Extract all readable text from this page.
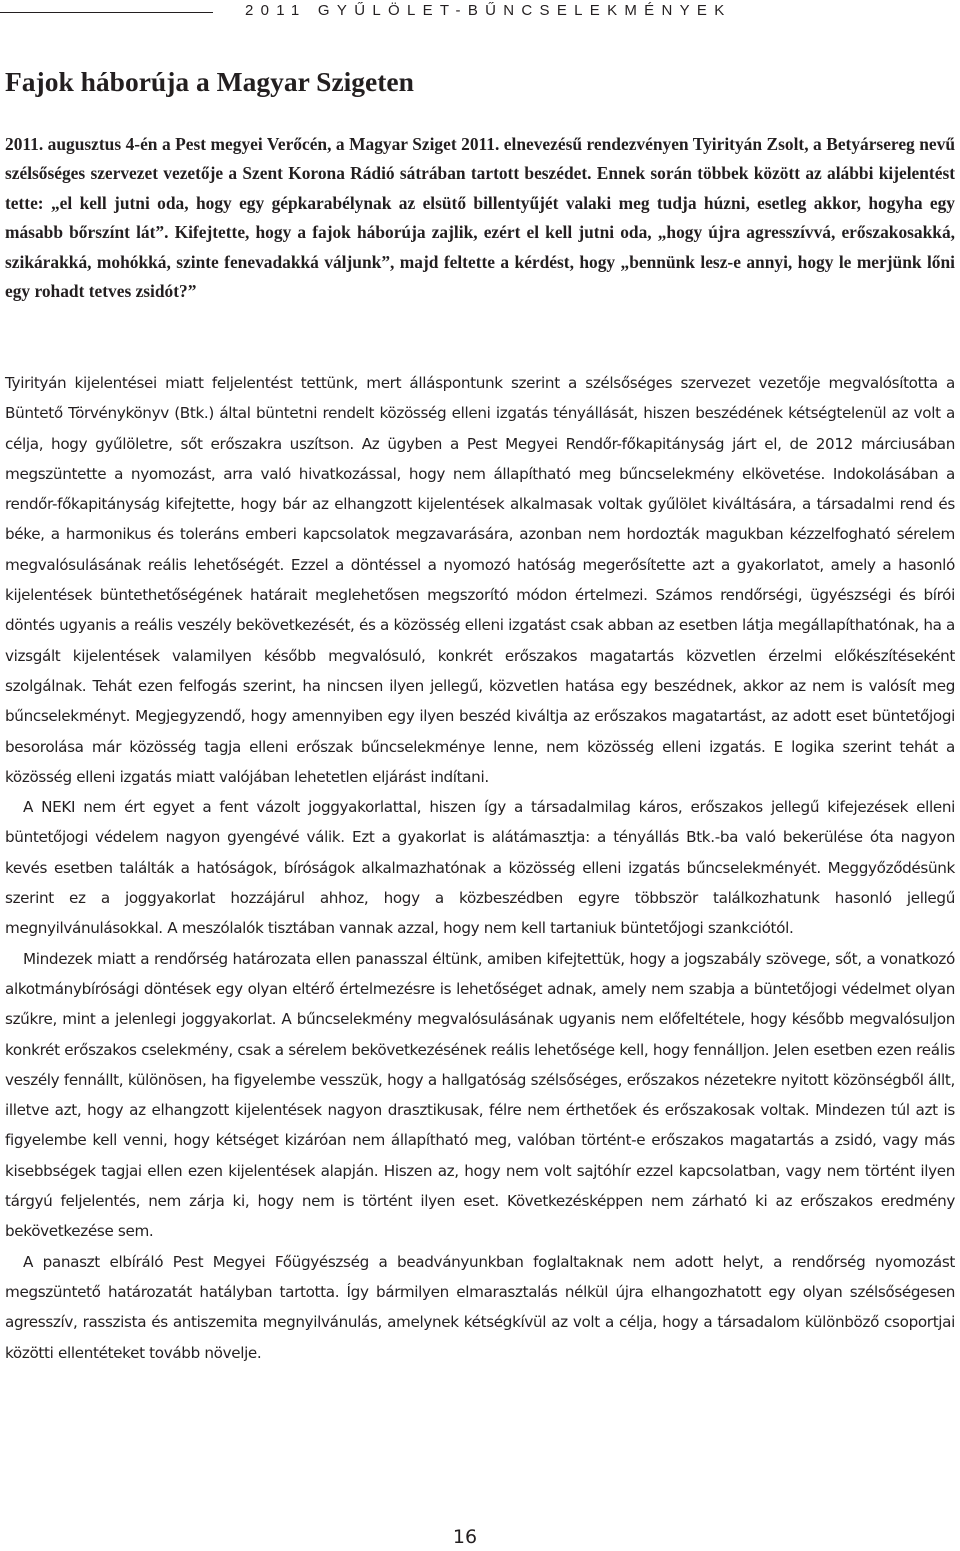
2011 GYŰLÖLET-BŰNCSELEKMÉNYEK
Fajok háborúja a Magyar Szigeten

2011. augusztus 4-én a Pest megyei Verőcén, a Magyar Sziget 2011. elnevezésű rendezvényen Tyirityán Zsolt, a Betyársereg nevű szélsőséges szervezet vezetője a Szent Korona Rádió sátrában tartott beszédet. Ennek során többek között az alábbi kijelentést tette: „el kell jutni oda, hogy egy gépkarabélynak az elsütő billentyűjét valaki meg tudja húzni, esetleg akkor, hogyha egy másabb bőrszínt lát”. Kifejtette, hogy a fajok háborúja zajlik, ezért el kell jutni oda, „hogy újra agresszívvá, erőszakosakká, szikárakká, mohókká, szinte fenevadakká váljunk”, majd feltette a kérdést, hogy „bennünk lesz-e annyi, hogy le merjünk lőni egy rohadt tetves zsidót?”

Tyirityán kijelentései miatt feljelentést tettünk, mert álláspontunk szerint a szélsőséges szervezet vezetője megvalósította a Büntető Törvénykönyv (Btk.) által büntetni rendelt közösség elleni izgatás tényállását, hiszen beszédének kétségtelenül az volt a célja, hogy gyűlöletre, sőt erőszakra uszítson. Az ügyben a Pest Megyei Rendőr-főkapitányság járt el, de 2012 márciusában megszüntette a nyomozást, arra való hivatkozással, hogy nem állapítható meg bűncselekmény elkövetése. Indokolásában a rendőr-főkapitányság kifejtette, hogy bár az elhangzott kijelentések alkalmasak voltak gyűlölet kiváltására, a társadalmi rend és béke, a harmonikus és toleráns emberi kapcsolatok megzavarására, azonban nem hordozták magukban kézzelfogható sérelem megvalósulásának reális lehetőségét. Ezzel a döntéssel a nyomozó hatóság megerősítette azt a gyakorlatot, amely a hasonló kijelentések büntethetőségének határait meglehetősen megszorító módon értelmezi. Számos rendőrségi, ügyészségi és bírói döntés ugyanis a reális veszély bekövetkezését, és a közösség elleni izgatást csak abban az esetben látja megállapíthatónak, ha a vizsgált kijelentések valamilyen később megvalósuló, konkrét erőszakos magatartás közvetlen érzelmi előkészítéseként szolgálnak. Tehát ezen felfogás szerint, ha nincsen ilyen jellegű, közvetlen hatása egy beszédnek, akkor az nem is valósít meg bűncselekményt. Megjegyzendő, hogy amennyiben egy ilyen beszéd kiváltja az erőszakos magatartást, az adott eset büntetőjogi besorolása már közösség tagja elleni erőszak bűncselekménye lenne, nem közösség elleni izgatás. E logika szerint tehát a közösség elleni izgatás miatt valójában lehetetlen eljárást indítani.

A NEKI nem ért egyet a fent vázolt joggyakorlattal, hiszen így a társadalmilag káros, erőszakos jellegű kifejezések elleni büntetőjogi védelem nagyon gyengévé válik. Ezt a gyakorlat is alátámasztja: a tényállás Btk.-ba való bekerülése óta nagyon kevés esetben találták a hatóságok, bíróságok alkalmazhatónak a közösség elleni izgatás bűncselekményét. Meggyőződésünk szerint ez a joggyakorlat hozzájárul ahhoz, hogy a közbeszédben egyre többször találkozhatunk hasonló jellegű megnyilvánulásokkal. A meszólalók tisztában vannak azzal, hogy nem kell tartaniuk büntetőjogi szankciótól.

Mindezek miatt a rendőrség határozata ellen panasszal éltünk, amiben kifejtettük, hogy a jogszabály szövege, sőt, a vonatkozó alkotmánybírósági döntések egy olyan eltérő értelmezésre is lehetőséget adnak, amely nem szabja a büntetőjogi védelmet olyan szűkre, mint a jelenlegi joggyakorlat. A bűncselekmény megvalósulásának ugyanis nem előfeltétele, hogy később megvalósuljon konkrét erőszakos cselekmény, csak a sérelem bekövetkezésének reális lehetősége kell, hogy fennálljon. Jelen esetben ezen reális veszély fennállt, különösen, ha figyelembe vesszük, hogy a hallgatóság szélsőséges, erőszakos nézetekre nyitott közönségből állt, illetve azt, hogy az elhangzott kijelentések nagyon drasztikusak, félre nem érthetőek és erőszakosak voltak. Mindezen túl azt is figyelembe kell venni, hogy kétséget kizáróan nem állapítható meg, valóban történt-e erőszakos magatartás a zsidó, vagy más kisebbségek tagjai ellen ezen kijelentések alapján. Hiszen az, hogy nem volt sajtóhír ezzel kapcsolatban, vagy nem történt ilyen tárgyú feljelentés, nem zárja ki, hogy nem is történt ilyen eset. Következésképpen nem zárható ki az erőszakos eredmény bekövetkezése sem.

A panaszt elbíráló Pest Megyei Főügyészség a beadványunkban foglaltaknak nem adott helyt, a rendőrség nyomozást megszüntető határozatát hatályban tartotta. Így bármilyen elmarasztalás nélkül újra elhangozhatott egy olyan szélsőségesen agresszív, rasszista és antiszemita megnyilvánulás, amelynek kétségkívül az volt a célja, hogy a társadalom különböző csoportjai közötti ellentéteket tovább növelje.

16
